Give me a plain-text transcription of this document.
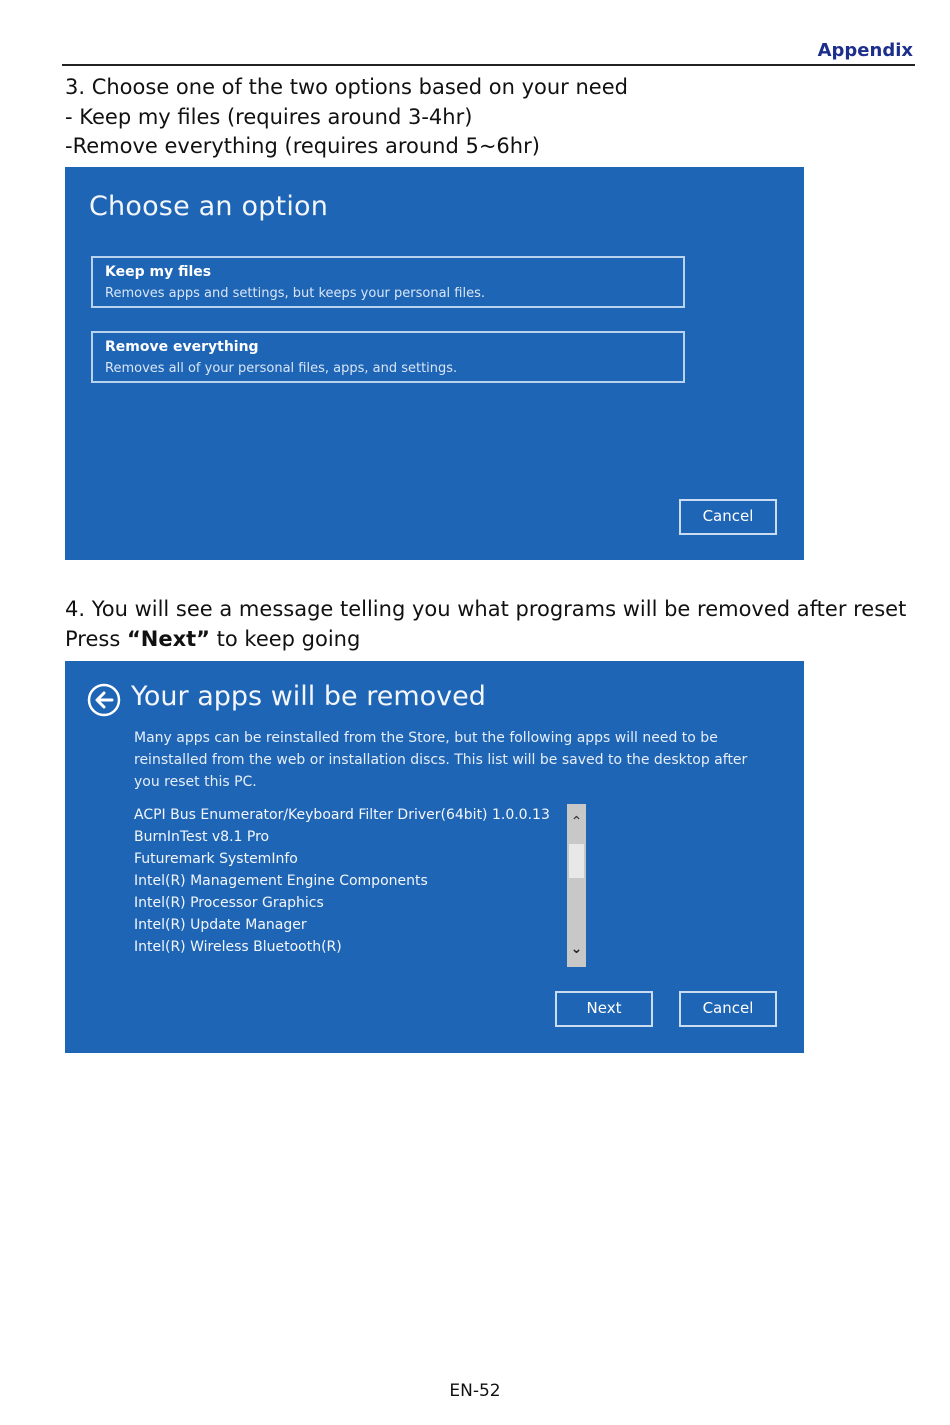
Appendix
3. Choose one of the two options based on your need
- Keep my files (requires around 3-4hr)
-Remove everything (requires around 5~6hr)
Choose an option
Keep my files
Removes apps and settings, but keeps your personal files.
Remove everything
Removes all of your personal files, apps, and settings.
Cancel
4. You will see a message telling you what programs will be removed after reset
Press “Next” to keep going
Your apps will be removed
Many apps can be reinstalled from the Store, but the following apps will need to be reinstalled from the web or installation discs. This list will be saved to the desktop after you reset this PC.
ACPI Bus Enumerator/Keyboard Filter Driver(64bit) 1.0.0.13
BurnInTest v8.1 Pro
Futuremark SystemInfo
Intel(R) Management Engine Components
Intel(R) Processor Graphics
Intel(R) Update Manager
Intel(R) Wireless Bluetooth(R)
⌃
⌄
Next	Cancel
EN-52
